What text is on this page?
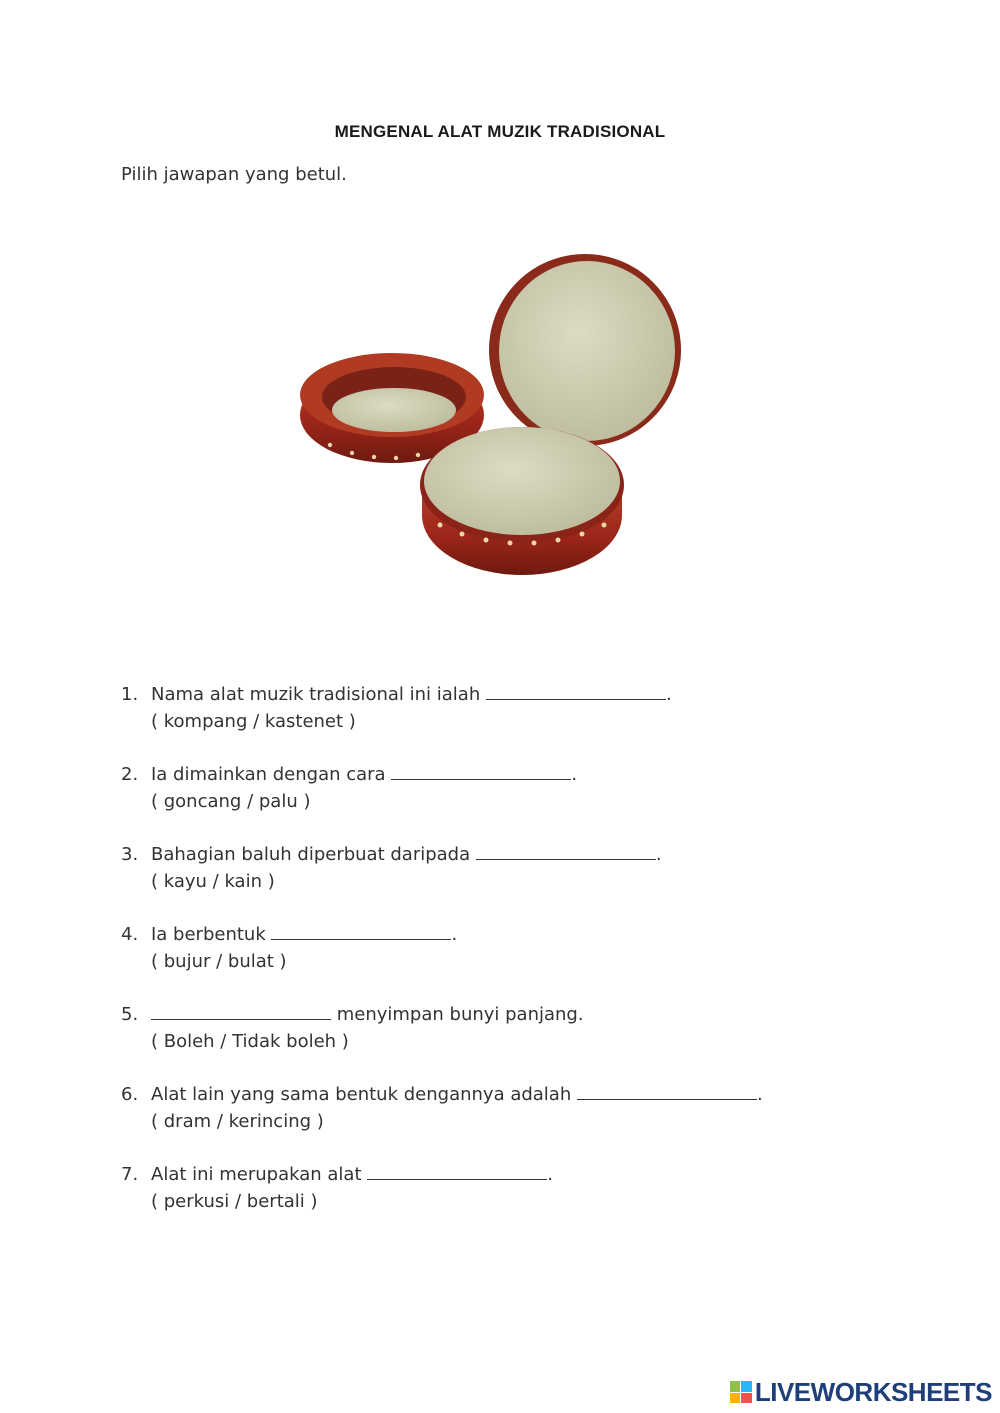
MENGENAL ALAT MUZIK TRADISIONAL
Pilih jawapan yang betul.
1. Nama alat muzik tradisional ini ialah	.
( kompang / kastenet )
2. Ia dimainkan dengan cara	.
( goncang / palu )
3. Bahagian baluh diperbuat daripada	.
( kayu / kain )
4. Ia berbentuk	.
( bujur / bulat )
5.	menyimpan bunyi panjang.
( Boleh / Tidak boleh )
6. Alat lain yang sama bentuk dengannya adalah	.
( dram / kerincing )
7. Alat ini merupakan alat	.
( perkusi / bertali )
LIVEWORKSHEETS
